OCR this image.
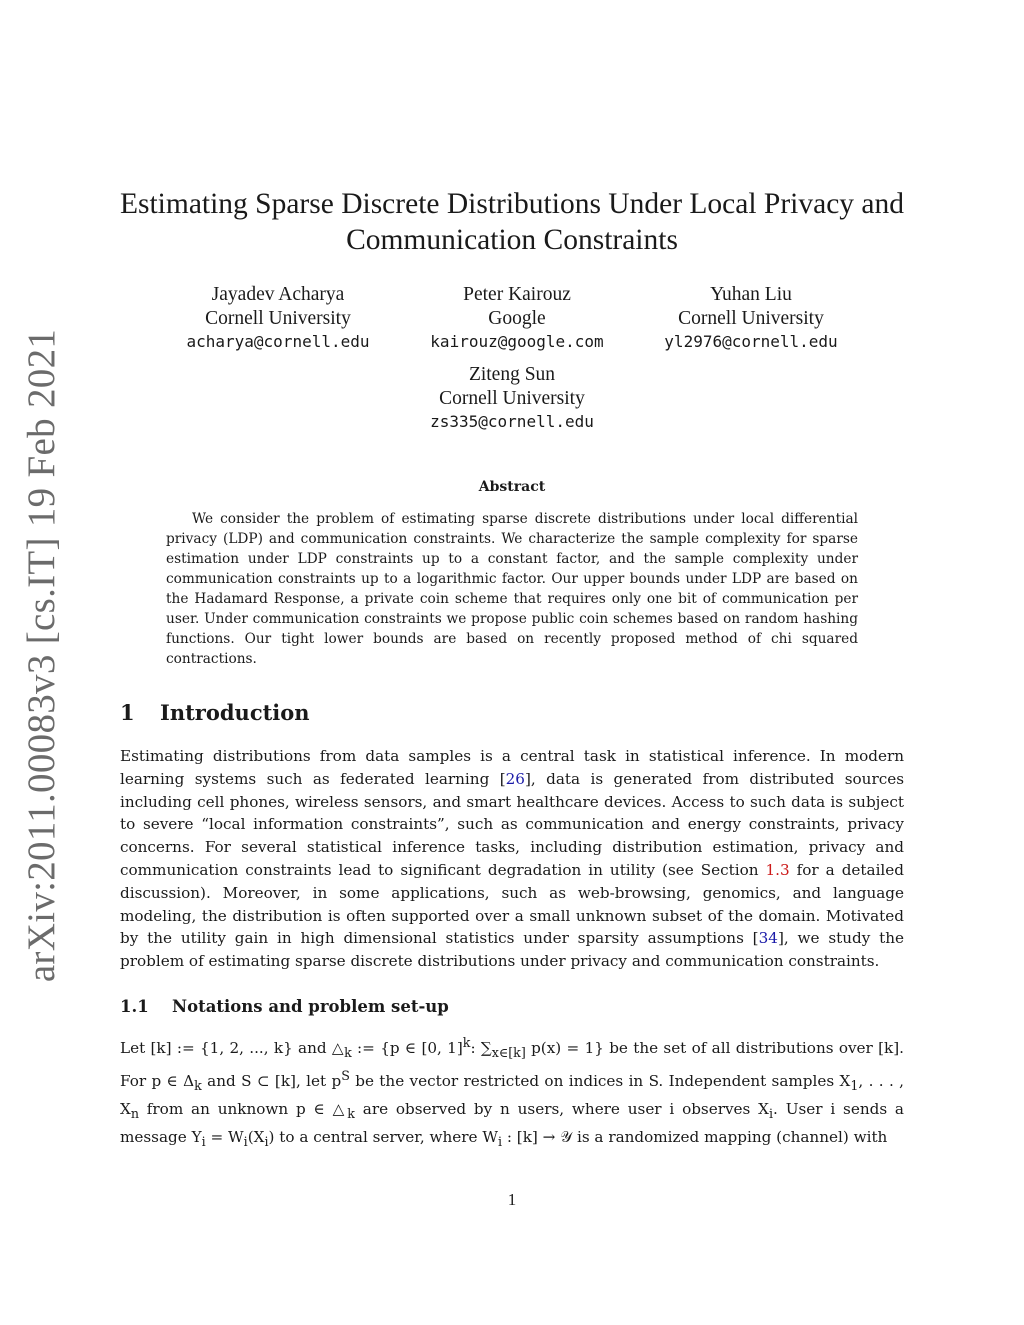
arXiv:2011.00083v3 [cs.IT] 19 Feb 2021
Estimating Sparse Discrete Distributions Under Local Privacy and
Communication Constraints
Jayadev Acharya
Cornell University
acharya@cornell.edu
Peter Kairouz
Google
kairouz@google.com
Yuhan Liu
Cornell University
yl2976@cornell.edu
Ziteng Sun
Cornell University
zs335@cornell.edu
Abstract

We consider the problem of estimating sparse discrete distributions under local differential privacy (LDP) and communication constraints. We characterize the sample complexity for sparse estimation under LDP constraints up to a constant factor, and the sample complexity under communication constraints up to a logarithmic factor. Our upper bounds under LDP are based on the Hadamard Response, a private coin scheme that requires only one bit of communication per user. Under communication constraints we propose public coin schemes based on random hashing functions. Our tight lower bounds are based on recently proposed method of chi squared contractions.

1 Introduction

Estimating distributions from data samples is a central task in statistical inference. In modern learning systems such as federated learning [26], data is generated from distributed sources including cell phones, wireless sensors, and smart healthcare devices. Access to such data is subject to severe “local information constraints”, such as communication and energy constraints, privacy concerns. For several statistical inference tasks, including distribution estimation, privacy and communication constraints lead to significant degradation in utility (see Section 1.3 for a detailed discussion). Moreover, in some applications, such as web-browsing, genomics, and language modeling, the distribution is often supported over a small unknown subset of the domain. Motivated by the utility gain in high dimensional statistics under sparsity assumptions [34], we study the problem of estimating sparse discrete distributions under privacy and communication constraints.

1.1 Notations and problem set-up

Let [k] := {1, 2, ..., k} and $\triangle_k$ := {p ∈ [0, 1]$^k$: $\sum_{x\in[k]}$ p(x) = 1} be the set of all distributions over [k]. For p ∈ $\Delta_k$ and S ⊂ [k], let $p^S$ be the vector restricted on indices in S. Independent samples $X_1$, . . . , $X_n$ from an unknown p ∈ $\triangle_k$ are observed by n users, where user i observes $X_i$. User i sends a message $Y_i = W_i(X_i)$ to a central server, where $W_i$ : [k] → 𝒴 is a randomized mapping (channel) with

1
